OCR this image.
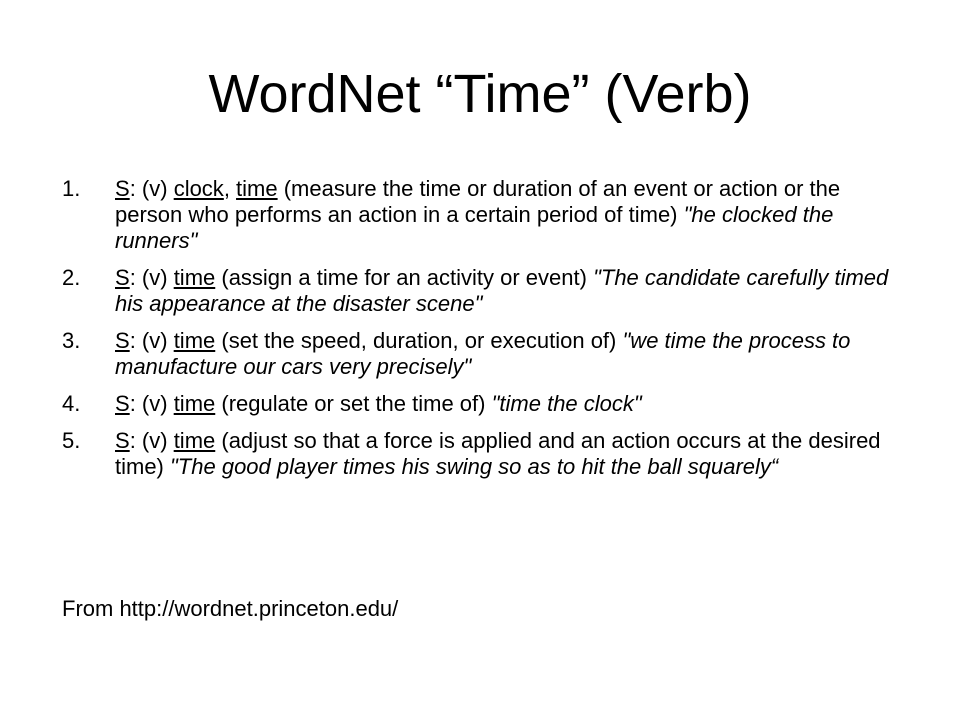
WordNet “Time” (Verb)
1. S: (v) clock, time (measure the time or duration of an event or action or the person who performs an action in a certain period of time) "he clocked the runners"
2. S: (v) time (assign a time for an activity or event) "The candidate carefully timed his appearance at the disaster scene"
3. S: (v) time (set the speed, duration, or execution of) "we time the process to manufacture our cars very precisely"
4. S: (v) time (regulate or set the time of) "time the clock"
5. S: (v) time (adjust so that a force is applied and an action occurs at the desired time) "The good player times his swing so as to hit the ball squarely“
From http://wordnet.princeton.edu/
